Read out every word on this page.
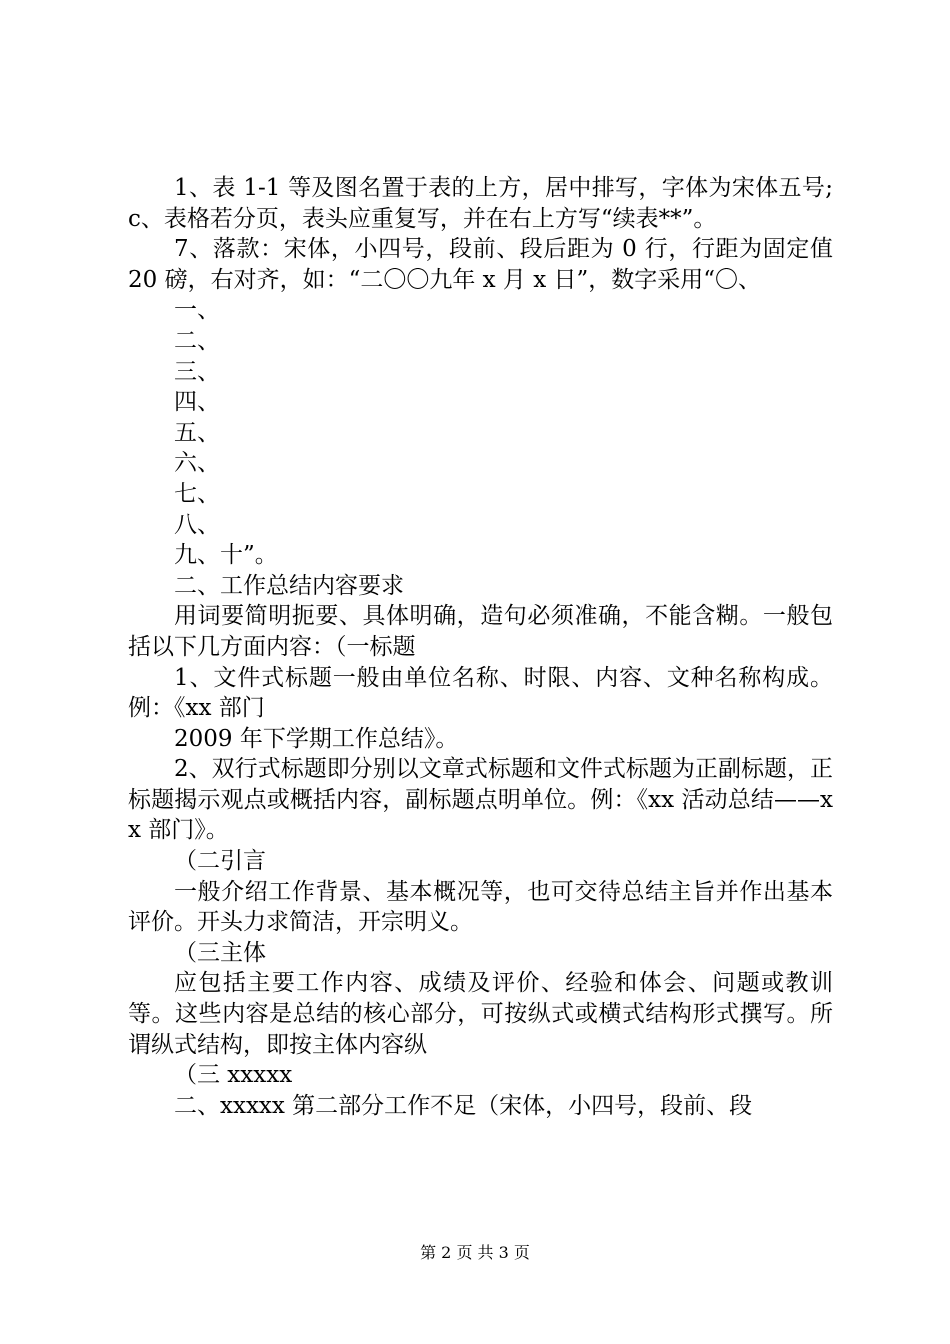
1、表 1-1 等及图名置于表的上方，居中排写，字体为宋体五号;c、表格若分页，表头应重复写，并在右上方写“续表**”。

7、落款：宋体，小四号，段前、段后距为 0 行，行距为固定值 20 磅，右对齐，如：“二〇〇九年 x 月 x 日”，数字采用“〇、

一、

二、

三、

四、

五、

六、

七、

八、

九、十”。

二、工作总结内容要求

用词要简明扼要、具体明确，造句必须准确，不能含糊。一般包括以下几方面内容：（一标题

1、文件式标题一般由单位名称、时限、内容、文种名称构成。例：《xx 部门

2009 年下学期工作总结》。

2、双行式标题即分别以文章式标题和文件式标题为正副标题，正标题揭示观点或概括内容，副标题点明单位。例：《xx 活动总结——xx 部门》。

（二引言

一般介绍工作背景、基本概况等，也可交待总结主旨并作出基本评价。开头力求简洁，开宗明义。

（三主体

应包括主要工作内容、成绩及评价、经验和体会、问题或教训等。这些内容是总结的核心部分，可按纵式或横式结构形式撰写。所谓纵式结构，即按主体内容纵

（三 xxxxx

二、xxxxx 第二部分工作不足（宋体，小四号，段前、段

第 2 页 共 3 页
